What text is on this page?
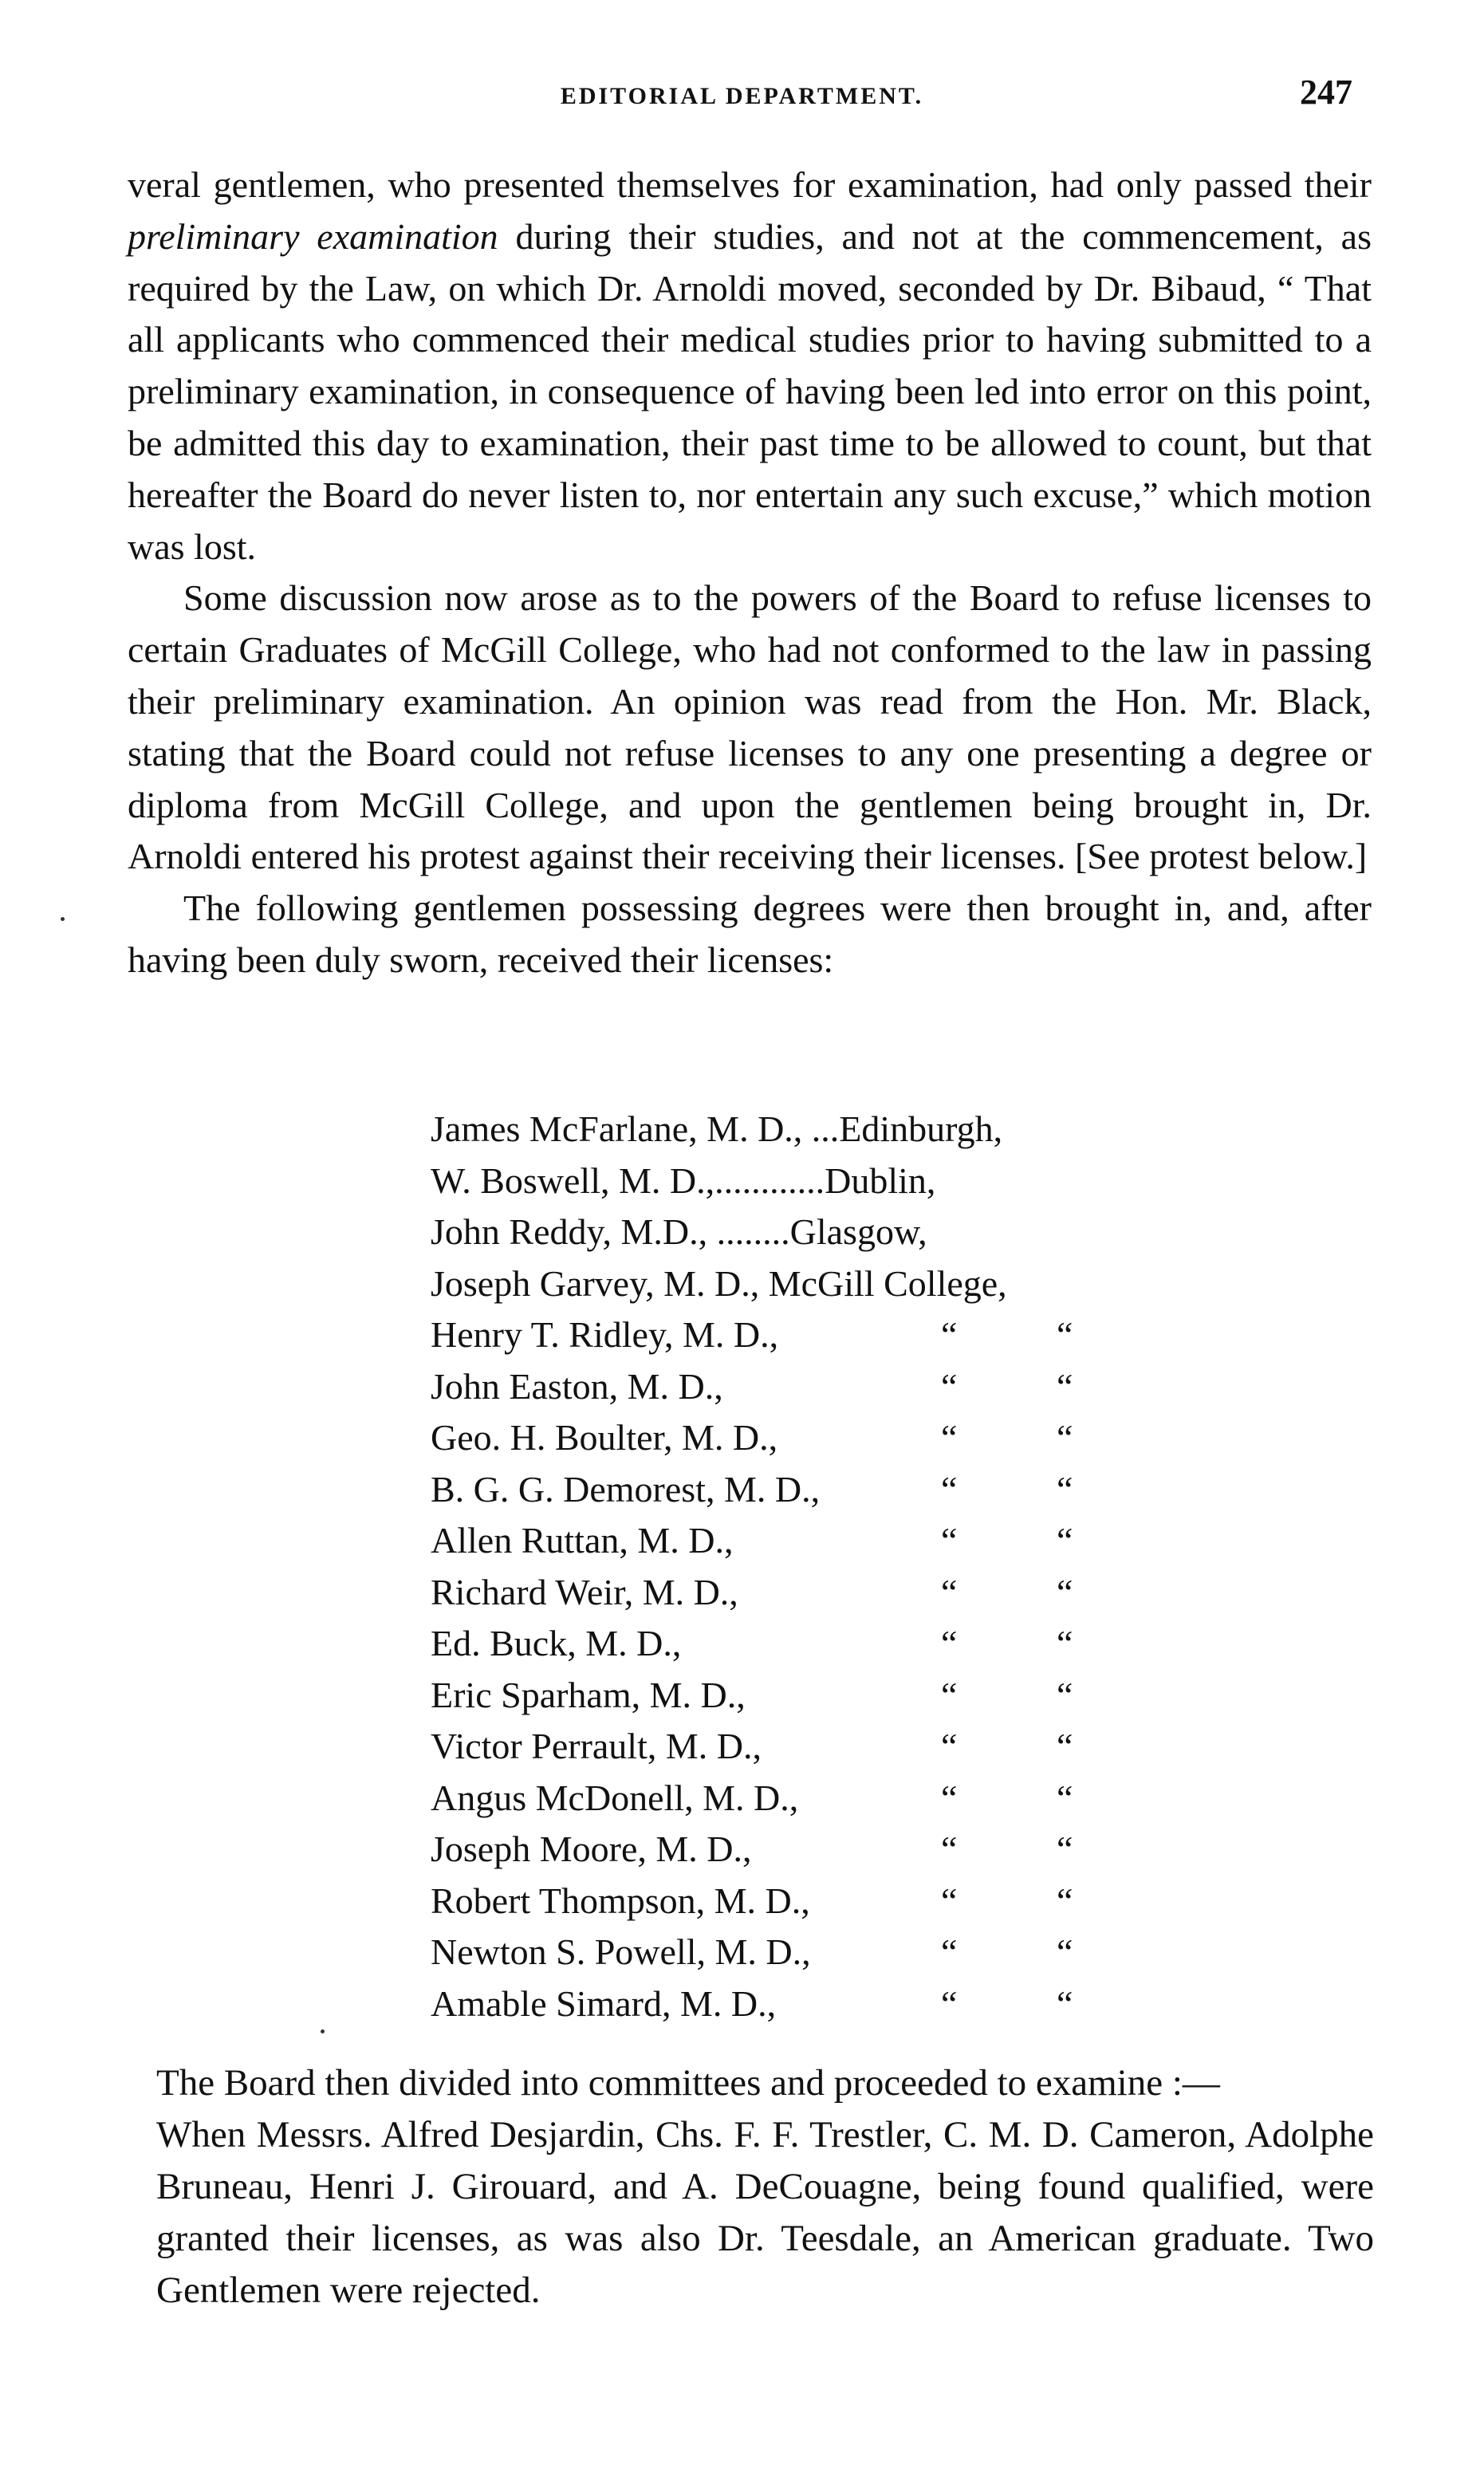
EDITORIAL DEPARTMENT.	247

veral gentlemen, who presented themselves for examination, had only passed their preliminary examination during their studies, and not at the commencement, as required by the Law, on which Dr. Arnoldi moved, seconded by Dr. Bibaud, “ That all applicants who commenced their medical studies prior to having submitted to a preliminary examination, in consequence of having been led into error on this point, be admitted this day to examination, their past time to be allowed to count, but that hereafter the Board do never listen to, nor entertain any such excuse,” which motion was lost.

Some discussion now arose as to the powers of the Board to refuse licenses to certain Graduates of McGill College, who had not conformed to the law in passing their preliminary examination. An opinion was read from the Hon. Mr. Black, stating that the Board could not refuse licenses to any one presenting a degree or diploma from McGill College, and upon the gentlemen being brought in, Dr. Arnoldi entered his protest against their receiving their licenses. [See protest below.]

The following gentlemen possessing degrees were then brought in, and, after having been duly sworn, received their licenses:

James McFarlane, M. D., ...Edinburgh,
W. Boswell, M. D.,............Dublin,
John Reddy, M.D., ........Glasgow,
Joseph Garvey, M. D., McGill College,
Henry T. Ridley, M. D.,	“	“
John Easton, M. D.,	“	“
Geo. H. Boulter, M. D.,	“	“
B. G. G. Demorest, M. D.,	“	“
Allen Ruttan, M. D.,	“	“
Richard Weir, M. D.,	“	“
Ed. Buck, M. D.,	“	“
Eric Sparham, M. D.,	“	“
Victor Perrault, M. D.,	“	“
Angus McDonell, M. D.,	“	“
Joseph Moore, M. D.,	“	“
Robert Thompson, M. D.,	“	“
Newton S. Powell, M. D.,	“	“
Amable Simard, M. D.,	“	“

The Board then divided into committees and proceeded to examine :—

When Messrs. Alfred Desjardin, Chs. F. F. Trestler, C. M. D. Cameron, Adolphe Bruneau, Henri J. Girouard, and A. DeCouagne, being found qualified, were granted their licenses, as was also Dr. Teesdale, an American graduate. Two Gentlemen were rejected.
